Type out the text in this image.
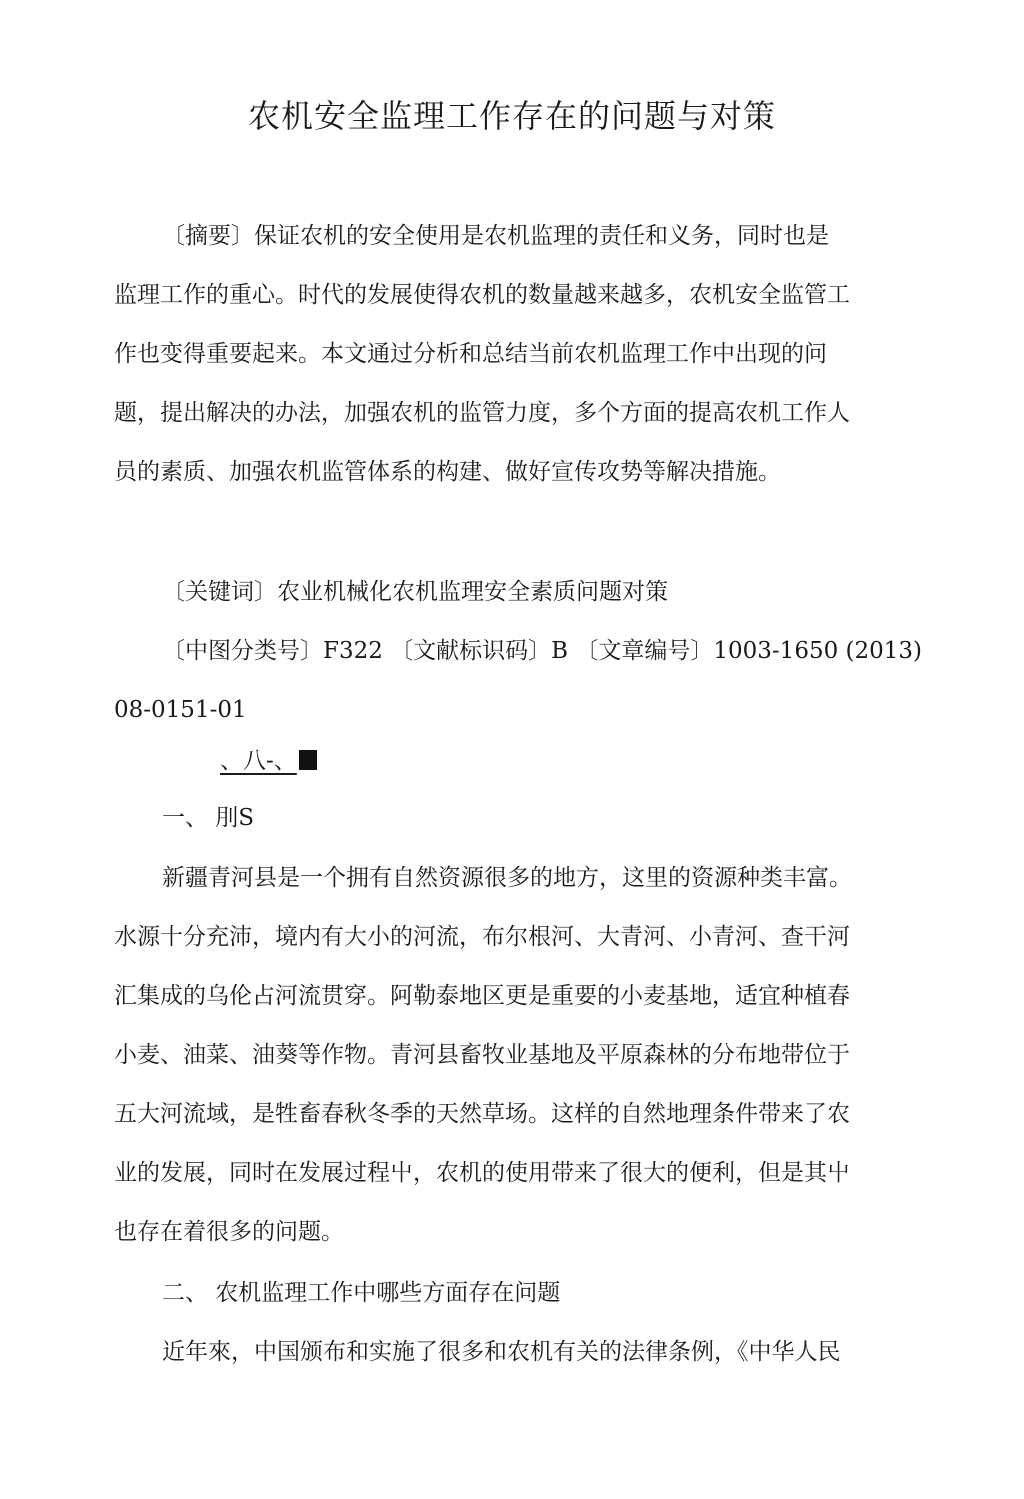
农机安全监理工作存在的问题与对策

〔摘要〕保证农机的安全使用是农机监理的责任和义务，同时也是

监理工作的重心。时代的发展使得农机的数量越来越多，农机安全监管工

作也变得重要起来。本文通过分析和总结当前农机监理工作中出现的问

题，提出解决的办法，加强农机的监管力度，多个方面的提高农机工作人

员的素质、加强农机监管体系的构建、做好宣传攻势等解决措施。

〔关键词〕农业机械化农机监理安全素质问题对策

〔中图分类号〕F322 〔文献标识码〕B 〔文章编号〕1003-1650 (2013)

08-0151-01

、八-、

一、 刖S

新疆青河县是一个拥有自然资源很多的地方，这里的资源种类丰富。

水源十分充沛，境内有大小的河流，布尔根河、大青河、小青河、查干河

汇集成的乌伦占河流贯穿。阿勒泰地区更是重要的小麦基地，适宜种植春

小麦、油菜、油葵等作物。青河县畜牧业基地及平原森林的分布地带位于

五大河流域，是牲畜春秋冬季的天然草场。这样的自然地理条件带来了农

业的发展，同时在发展过程屮，农机的使用带来了很大的便利，但是其屮

也存在着很多的问题。

二、 农机监理工作中哪些方面存在问题

近年來，中国颁布和实施了很多和农机有关的法律条例，《中华人民
